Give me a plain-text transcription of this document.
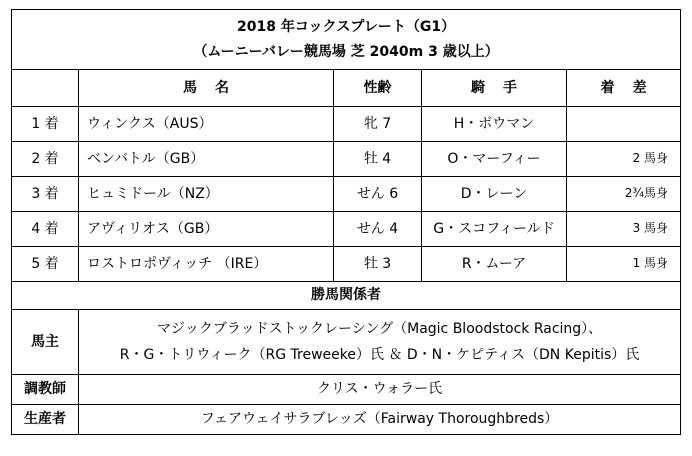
2018 年コックスプレート（G1）
（ムーニーバレー競馬場 芝 2040m 3 歳以上）				

	馬名	性齢	騎手	着差
1 着	ウィンクス（AUS）	牝 7	H・ボウマン	
2 着	ベンバトル（GB）	牡 4	O・マーフィー	2 馬身
3 着	ヒュミドール（NZ）	せん 6	D・レーン	2¾馬身
4 着	アヴィリオス（GB）	せん 4	G・スコフィールド	3 馬身
5 着	ロストロポヴィッチ （IRE）	牡 3	R・ムーア	1 馬身
勝馬関係者				
馬主	マジックブラッドストックレーシング（Magic Bloodstock Racing）、
R・G・トリウィーク（RG Treweeke）氏 ＆ D・N・ケピティス（DN Kepitis）氏			

調教師	クリス・ウォラー氏			
生産者	フェアウェイサラブレッズ（Fairway Thoroughbreds）			
